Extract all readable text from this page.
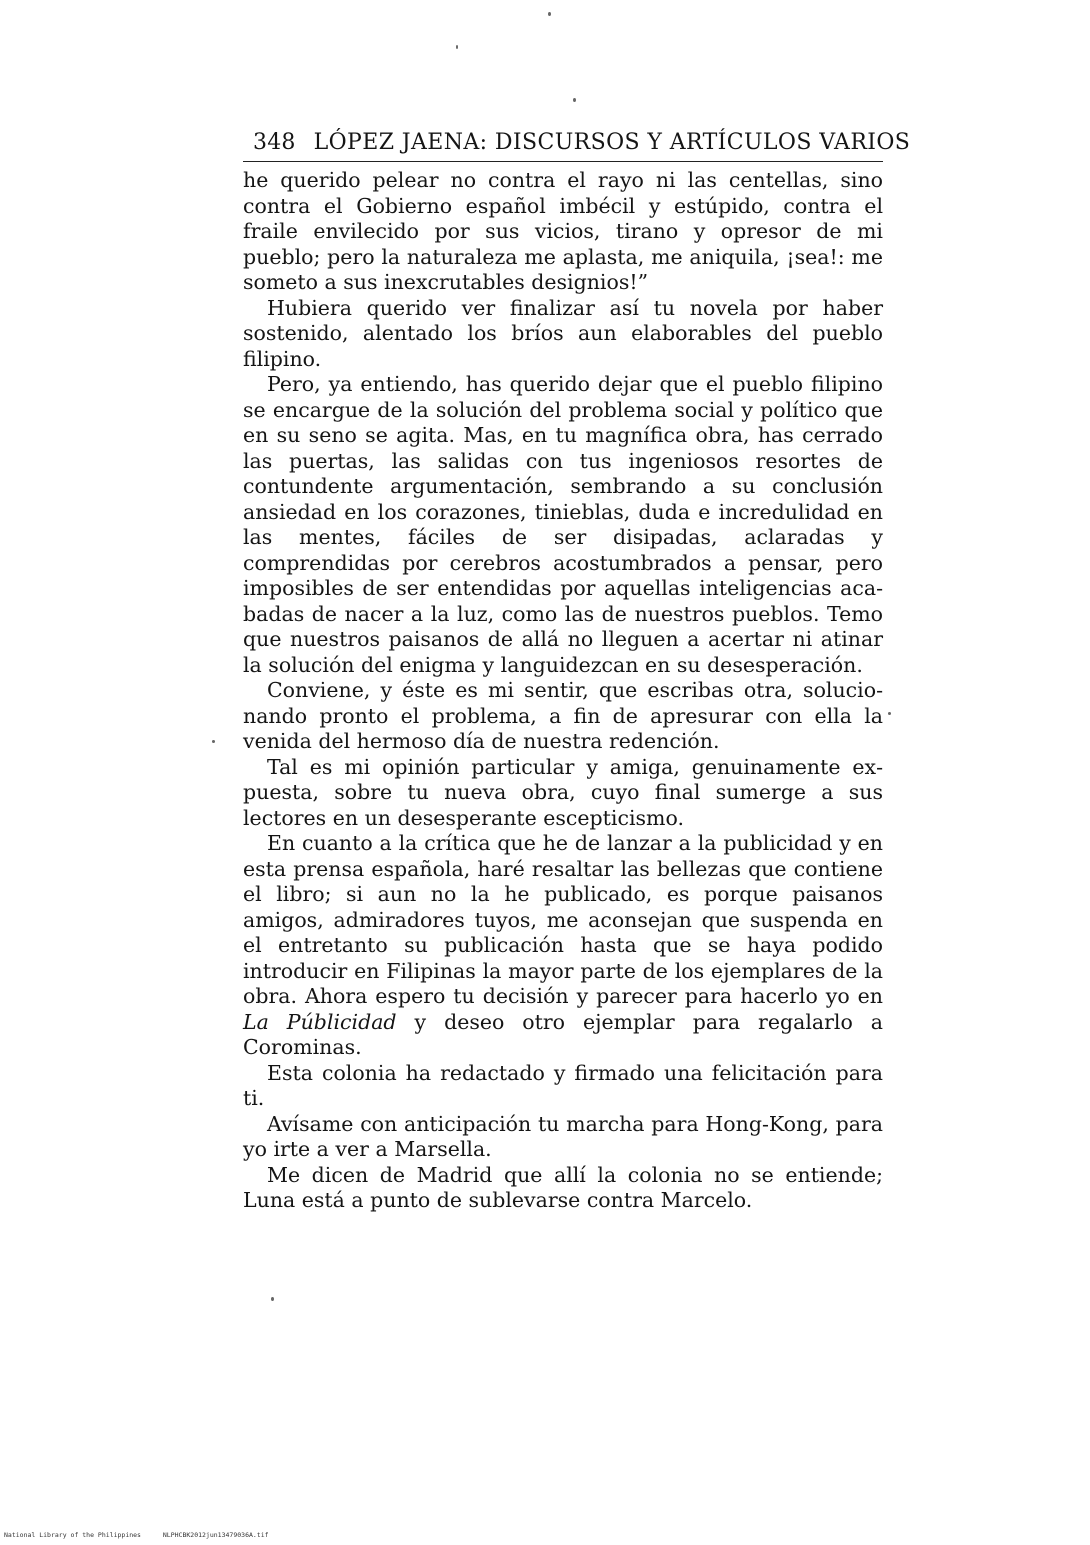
348 LÓPEZ JAENA: DISCURSOS Y ARTÍCULOS VARIOS

he querido pelear no contra el rayo ni las centellas, sino contra el Gobierno español imbécil y estúpido, contra el fraile envilecido por sus vicios, tirano y opresor de mi pueblo; pero la naturaleza me aplasta, me aniquila, ¡sea!: me someto a sus inexcrutables designios!”

Hubiera querido ver finalizar así tu novela por haber sostenido, alentado los bríos aun elaborables del pueblo filipino.

Pero, ya entiendo, has querido dejar que el pueblo filipino se encargue de la solución del problema social y político que en su seno se agita. Mas, en tu magnífica obra, has cerrado las puertas, las salidas con tus ingeniosos resortes de contundente argumentación, sembrando a su conclusión ansiedad en los corazones, tinieblas, duda e incredulidad en las mentes, fáciles de ser disipadas, aclaradas y comprendidas por cerebros acostumbrados a pensar, pero imposibles de ser entendidas por aquellas inteligencias acabadas de nacer a la luz, como las de nuestros pueblos. Temo que nuestros paisanos de allá no lleguen a acertar ni atinar la solución del enigma y languidezcan en su desesperación.

Conviene, y éste es mi sentir, que escribas otra, solucionando pronto el problema, a fin de apresurar con ella la venida del hermoso día de nuestra redención.

Tal es mi opinión particular y amiga, genuinamente expuesta, sobre tu nueva obra, cuyo final sumerge a sus lectores en un desesperante escepticismo.

En cuanto a la crítica que he de lanzar a la publicidad y en esta prensa española, haré resaltar las bellezas que contiene el libro; si aun no la he publicado, es porque paisanos amigos, admiradores tuyos, me aconsejan que suspenda en el entretanto su publicación hasta que se haya podido introducir en Filipinas la mayor parte de los ejemplares de la obra. Ahora espero tu decisión y parecer para hacerlo yo en La Públicidad y deseo otro ejemplar para regalarlo a Corominas.

Esta colonia ha redactado y firmado una felicitación para ti.

Avísame con anticipación tu marcha para Hong-Kong, para yo irte a ver a Marsella.

Me dicen de Madrid que allí la colonia no se entiende; Luna está a punto de sublevarse contra Marcelo.

National Library of the Philippines	NLPHCBK2012jun13479036A.tif
